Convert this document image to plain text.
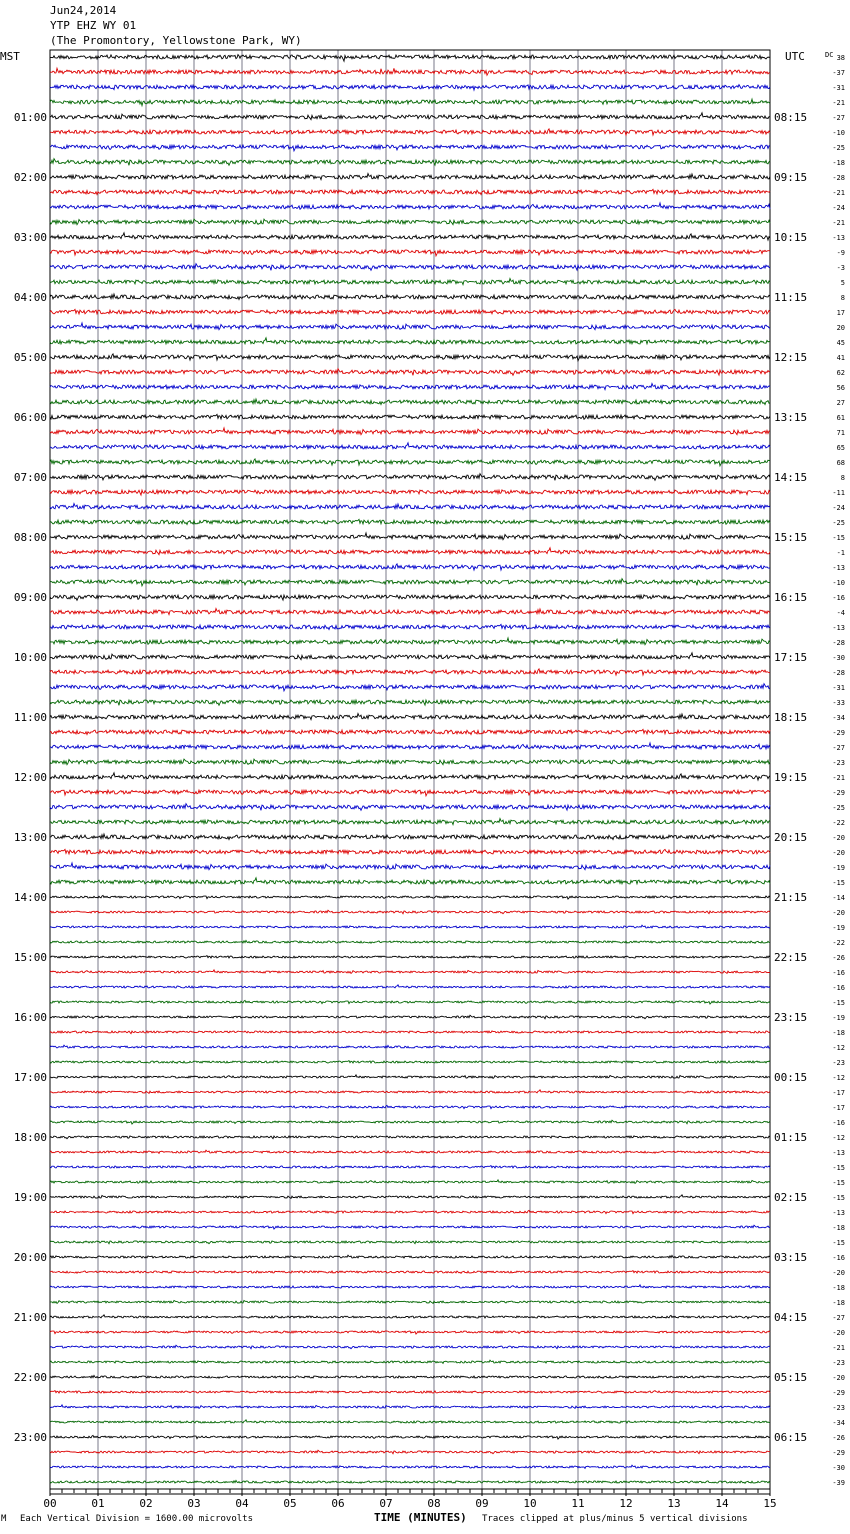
Jun24,2014
YTP EHZ WY 01
(The Promontory, Yellowstone Park, WY)
MST	UTC
01:00
02:00
03:00
04:00
05:00
06:00
07:00
08:00
09:00
10:00
11:00
12:00
13:00
14:00
15:00
16:00
17:00
18:00
19:00
20:00
21:00
22:00
23:00
08:15
09:15
10:15
11:15
12:15
13:15
14:15
15:15
16:15
17:15
18:15
19:15
20:15
21:15
22:15
23:15
00:15
01:15
02:15
03:15
04:15
05:15
06:15
DC 38
-37
-31
-21
-27
-10
-25
-18
-28
-21
-24
-21
-13
-9
-3
5
8
17
20
45
41
62
56
27
61
71
65
68
8
-11
-24
-25
-15
-1
-13
-10
-16
-4
-13
-28
-30
-28
-31
-33
-34
-29
-27
-23
-21
-29
-25
-22
-20
-20
-19
-15
-14
-20
-19
-22
-26
-16
-16
-15
-19
-18
-12
-23
-12
-17
-17
-16
-12
-13
-15
-15
-15
-13
-18
-15
-16
-20
-18
-18
-27
-20
-21
-23
-20
-29
-23
-34
-26
-29
-30
-39
00	01	02	03	04	05	06	07	08	09	10	11	12	13	14	15
M Each Vertical Division = 1600.00 microvolts	TIME (MINUTES) Traces clipped at plus/minus 5 vertical divisions
